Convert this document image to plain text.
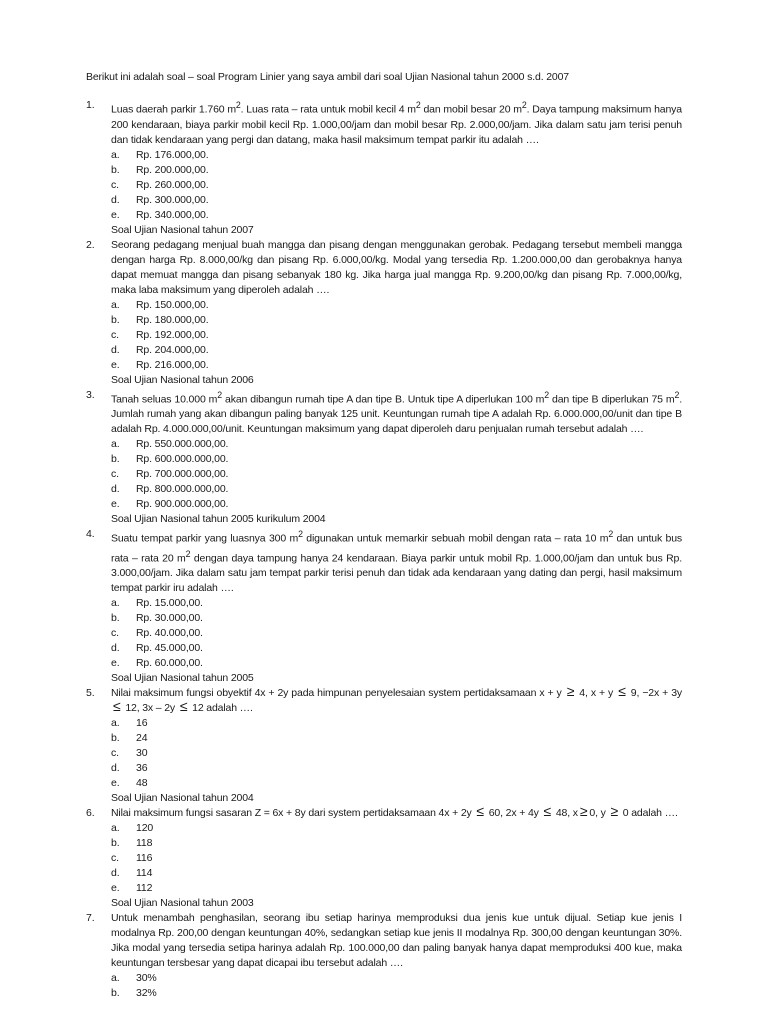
Berikut ini adalah soal – soal Program Linier yang saya ambil dari soal Ujian Nasional tahun 2000 s.d. 2007
1.	Luas daerah parkir 1.760 $m^2$. Luas rata – rata untuk mobil kecil 4 $m^2$ dan mobil besar 20 $m^2$. Daya tampung maksimum hanya 200 kendaraan, biaya parkir mobil kecil Rp. 1.000,00/jam dan mobil besar Rp. 2.000,00/jam. Jika dalam satu jam terisi penuh dan tidak kendaraan yang pergi dan datang, maka hasil maksimum tempat parkir itu adalah ….
a.	Rp. 176.000,00.
b.	Rp. 200.000,00.
c.	Rp. 260.000,00.
d.	Rp. 300.000,00.
e.	Rp. 340.000,00.
Soal Ujian Nasional tahun 2007
2.	Seorang pedagang menjual buah mangga dan pisang dengan menggunakan gerobak. Pedagang tersebut membeli mangga dengan harga Rp. 8.000,00/kg dan pisang Rp. 6.000,00/kg. Modal yang tersedia Rp. 1.200.000,00 dan gerobaknya hanya dapat memuat mangga dan pisang sebanyak 180 kg. Jika harga jual mangga Rp. 9.200,00/kg dan pisang Rp. 7.000,00/kg, maka laba maksimum yang diperoleh adalah ….
a.	Rp. 150.000,00.
b.	Rp. 180.000,00.
c.	Rp. 192.000,00.
d.	Rp. 204.000,00.
e.	Rp. 216.000,00.
Soal Ujian Nasional tahun 2006
3.	Tanah seluas 10.000 $m^2$ akan dibangun rumah tipe A dan tipe B. Untuk tipe A diperlukan 100 $m^2$ dan tipe B diperlukan 75 $m^2$. Jumlah rumah yang akan dibangun paling banyak 125 unit. Keuntungan rumah tipe A adalah Rp. 6.000.000,00/unit dan tipe B adalah Rp. 4.000.000,00/unit. Keuntungan maksimum yang dapat diperoleh daru penjualan rumah tersebut adalah ….
a.	Rp. 550.000.000,00.
b.	Rp. 600.000.000,00.
c.	Rp. 700.000.000,00.
d.	Rp. 800.000.000,00.
e.	Rp. 900.000.000,00.
Soal Ujian Nasional tahun 2005 kurikulum 2004
4.	Suatu tempat parkir yang luasnya 300 $m^2$ digunakan untuk memarkir sebuah mobil dengan rata – rata 10 $m^2$ dan untuk bus rata – rata 20 $m^2$ dengan daya tampung hanya 24 kendaraan. Biaya parkir untuk mobil Rp. 1.000,00/jam dan untuk bus Rp. 3.000,00/jam. Jika dalam satu jam tempat parkir terisi penuh dan tidak ada kendaraan yang dating dan pergi, hasil maksimum tempat parkir iru adalah ….
a.	Rp. 15.000,00.
b.	Rp. 30.000,00.
c.	Rp. 40.000,00.
d.	Rp. 45.000,00.
e.	Rp. 60.000,00.
Soal Ujian Nasional tahun 2005
5.	Nilai maksimum fungsi obyektif 4x + 2y pada himpunan penyelesaian system pertidaksamaan x + y ≥ 4, x + y ≤ 9, −2x + 3y ≤ 12, 3x – 2y ≤ 12 adalah ….
a.	16
b.	24
c.	30
d.	36
e.	48
Soal Ujian Nasional tahun 2004
6.	Nilai maksimum fungsi sasaran Z = 6x + 8y dari system pertidaksamaan 4x + 2y ≤ 60, 2x + 4y ≤ 48, x ≥ 0, y ≥ 0 adalah ….
a.	120
b.	118
c.	116
d.	114
e.	112
Soal Ujian Nasional tahun 2003
7.	Untuk menambah penghasilan, seorang ibu setiap harinya memproduksi dua jenis kue untuk dijual. Setiap kue jenis I modalnya Rp. 200,00 dengan keuntungan 40%, sedangkan setiap kue jenis II modalnya Rp. 300,00 dengan keuntungan 30%. Jika modal yang tersedia setipa harinya adalah Rp. 100.000,00 dan paling banyak hanya dapat memproduksi 400 kue, maka keuntungan tersbesar yang dapat dicapai ibu tersebut adalah ….
a.	30%
b.	32%
